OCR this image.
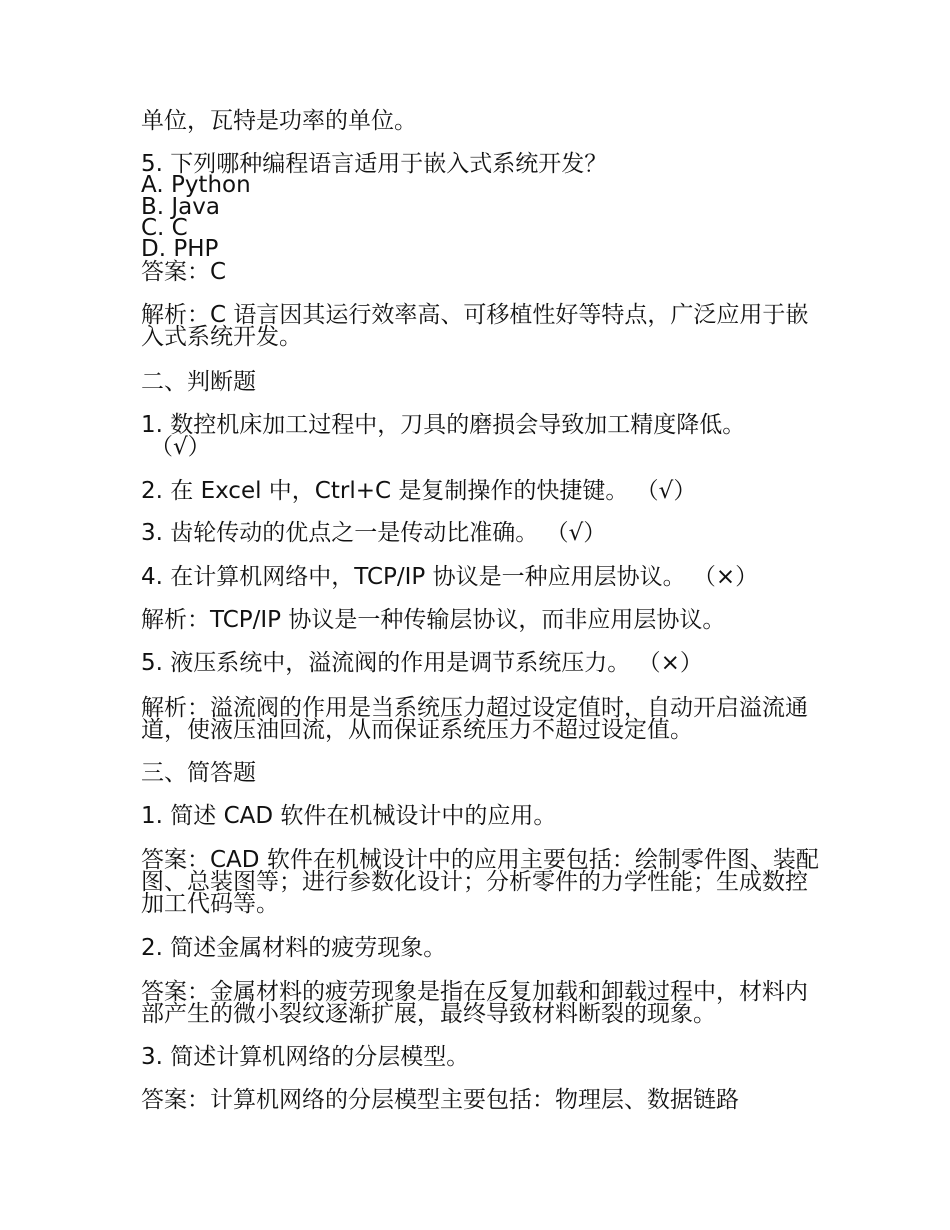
单位，瓦特是功率的单位。
5. 下列哪种编程语言适用于嵌入式系统开发？
A. Python
B. Java
C. C
D. PHP
答案：C
解析：C 语言因其运行效率高、可移植性好等特点，广泛应用于嵌入式系统开发。
二、判断题
1. 数控机床加工过程中，刀具的磨损会导致加工精度降低。
（√）
2. 在 Excel 中，Ctrl+C 是复制操作的快捷键。 （√）
3. 齿轮传动的优点之一是传动比准确。 （√）
4. 在计算机网络中，TCP/IP 协议是一种应用层协议。 （×）
解析：TCP/IP 协议是一种传输层协议，而非应用层协议。
5. 液压系统中，溢流阀的作用是调节系统压力。 （×）
解析：溢流阀的作用是当系统压力超过设定值时，自动开启溢流通道，使液压油回流，从而保证系统压力不超过设定值。
三、简答题
1. 简述 CAD 软件在机械设计中的应用。
答案：CAD 软件在机械设计中的应用主要包括：绘制零件图、装配图、总装图等；进行参数化设计；分析零件的力学性能；生成数控加工代码等。
2. 简述金属材料的疲劳现象。
答案：金属材料的疲劳现象是指在反复加载和卸载过程中，材料内部产生的微小裂纹逐渐扩展，最终导致材料断裂的现象。
3. 简述计算机网络的分层模型。
答案：计算机网络的分层模型主要包括：物理层、数据链路
